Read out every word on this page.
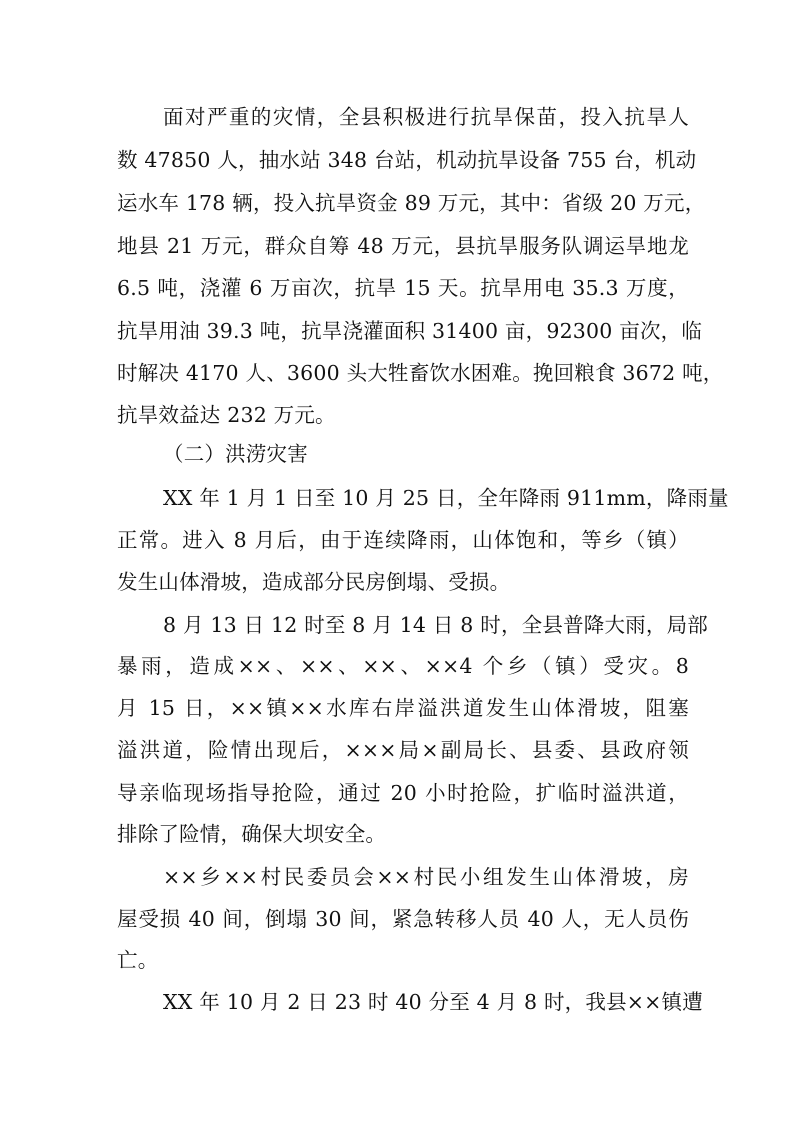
面对严重的灾情，全县积极进行抗旱保苗，投入抗旱人
数 47850 人，抽水站 348 台站，机动抗旱设备 755 台，机动
运水车 178 辆，投入抗旱资金 89 万元，其中：省级 20 万元，
地县 21 万元，群众自筹 48 万元，县抗旱服务队调运旱地龙
6.5 吨，浇灌 6 万亩次，抗旱 15 天。抗旱用电 35.3 万度，
抗旱用油 39.3 吨，抗旱浇灌面积 31400 亩，92300 亩次，临
时解决 4170 人、3600 头大牲畜饮水困难。挽回粮食 3672 吨，
抗旱效益达 232 万元。
（二）洪涝灾害
XX 年 1 月 1 日至 10 月 25 日，全年降雨 911mm，降雨量
正常。进入 8 月后，由于连续降雨，山体饱和，等乡（镇）
发生山体滑坡，造成部分民房倒塌、受损。
8 月 13 日 12 时至 8 月 14 日 8 时，全县普降大雨，局部
暴雨，造成××、××、××、××4 个乡（镇）受灾。8
月 15 日，××镇××水库右岸溢洪道发生山体滑坡，阻塞
溢洪道，险情出现后，×××局×副局长、县委、县政府领
导亲临现场指导抢险，通过 20 小时抢险，扩临时溢洪道，
排除了险情，确保大坝安全。
××乡××村民委员会××村民小组发生山体滑坡，房
屋受损 40 间，倒塌 30 间，紧急转移人员 40 人，无人员伤
亡。
XX 年 10 月 2 日 23 时 40 分至 4 月 8 时，我县××镇遭
